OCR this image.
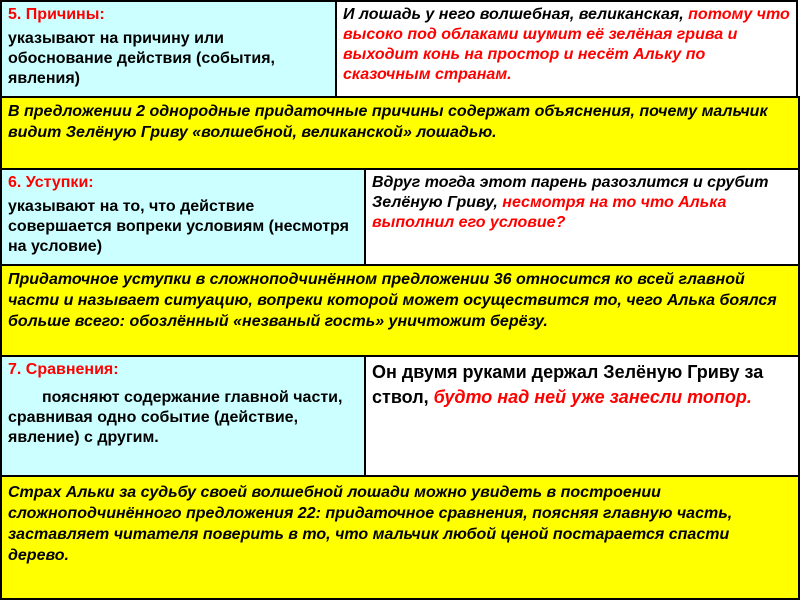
5. Причины:
указывают на причину или обоснование действия (события, явления)
И лошадь у него волшебная, великанская, потому что высоко под облаками шумит её зелёная грива и выходит конь на простор и несёт Альку по сказочным странам.
В предложении 2 однородные придаточные причины содержат объяснения, почему мальчик видит Зелёную Гриву «волшебной, великанской» лошадью.
6. Уступки:
указывают на то, что действие совершается вопреки условиям (несмотря на условие)
Вдруг тогда этот парень разозлится и срубит Зелёную Гриву, несмотря на то что Алька выполнил его условие?
Придаточное уступки в сложноподчинённом предложении 36 относится ко всей главной части и называет ситуацию, вопреки которой может осуществится то, чего Алька боялся больше всего: обозлённый «незваный гость» уничтожит берёзу.
7. Сравнения:
поясняют содержание главной части, сравнивая одно событие (действие, явление) с другим.
Он двумя руками держал Зелёную Гриву за ствол, будто над ней уже занесли топор.
Страх Альки за судьбу своей волшебной лошади можно увидеть в построении сложноподчинённого предложения 22: придаточное сравнения, поясняя главную часть, заставляет читателя поверить в то, что мальчик любой ценой постарается спасти дерево.
